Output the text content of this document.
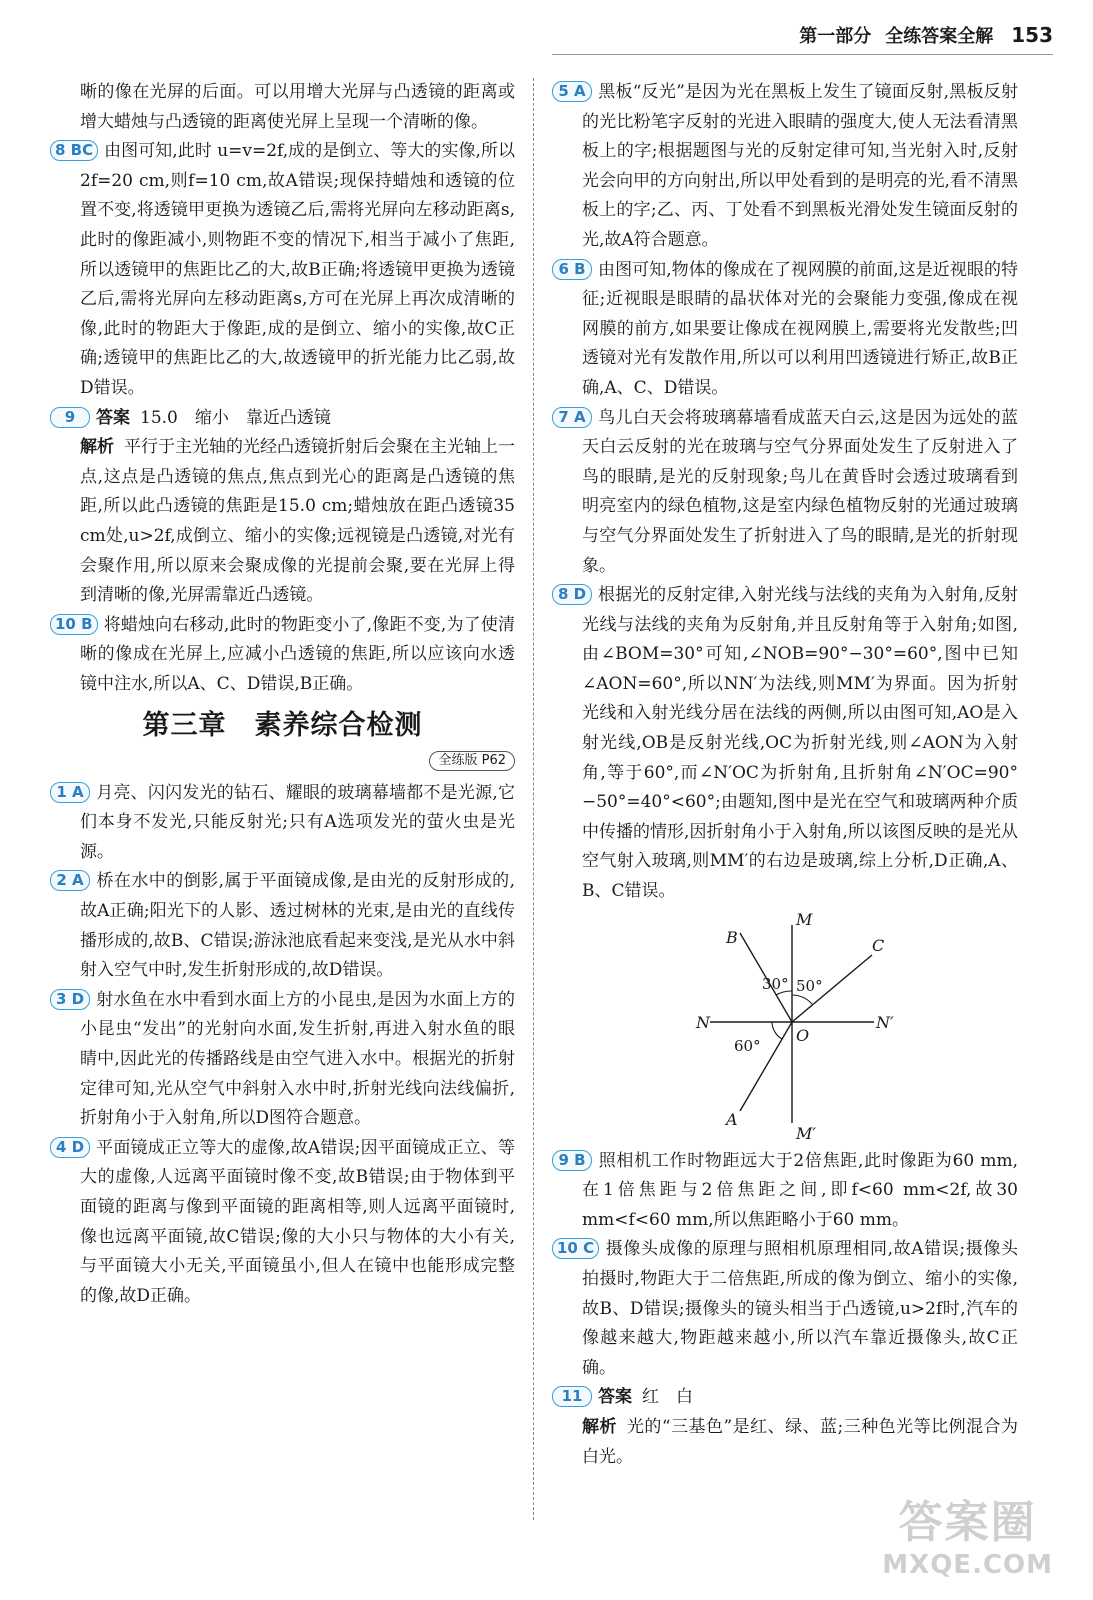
第一部分 全练答案全解 153

晰的像在光屏的后面。可以用增大光屏与凸透镜的距离或增大蜡烛与凸透镜的距离使光屏上呈现一个清晰的像。

8 BC 由图可知,此时 u=v=2f,成的是倒立、等大的实像,所以2f=20 cm,则f=10 cm,故A错误;现保持蜡烛和透镜的位置不变,将透镜甲更换为透镜乙后,需将光屏向左移动距离s,此时的像距减小,则物距不变的情况下,相当于减小了焦距,所以透镜甲的焦距比乙的大,故B正确;将透镜甲更换为透镜乙后,需将光屏向左移动距离s,方可在光屏上再次成清晰的像,此时的物距大于像距,成的是倒立、缩小的实像,故C正确;透镜甲的焦距比乙的大,故透镜甲的折光能力比乙弱,故D错误。

9 答案 15.0　缩小　靠近凸透镜

解析 平行于主光轴的光经凸透镜折射后会聚在主光轴上一点,这点是凸透镜的焦点,焦点到光心的距离是凸透镜的焦距,所以此凸透镜的焦距是15.0 cm;蜡烛放在距凸透镜35 cm处,u>2f,成倒立、缩小的实像;远视镜是凸透镜,对光有会聚作用,所以原来会聚成像的光提前会聚,要在光屏上得到清晰的像,光屏需靠近凸透镜。

10 B 将蜡烛向右移动,此时的物距变小了,像距不变,为了使清晰的像成在光屏上,应减小凸透镜的焦距,所以应该向水透镜中注水,所以A、C、D错误,B正确。

第三章　素养综合检测
全练版 P62

1 A 月亮、闪闪发光的钻石、耀眼的玻璃幕墙都不是光源,它们本身不发光,只能反射光;只有A选项发光的萤火虫是光源。

2 A 桥在水中的倒影,属于平面镜成像,是由光的反射形成的,故A正确;阳光下的人影、透过树林的光束,是由光的直线传播形成的,故B、C错误;游泳池底看起来变浅,是光从水中斜射入空气中时,发生折射形成的,故D错误。

3 D 射水鱼在水中看到水面上方的小昆虫,是因为水面上方的小昆虫“发出”的光射向水面,发生折射,再进入射水鱼的眼睛中,因此光的传播路线是由空气进入水中。根据光的折射定律可知,光从空气中斜射入水中时,折射光线向法线偏折,折射角小于入射角,所以D图符合题意。

4 D 平面镜成正立等大的虚像,故A错误;因平面镜成正立、等大的虚像,人远离平面镜时像不变,故B错误;由于物体到平面镜的距离与像到平面镜的距离相等,则人远离平面镜时,像也远离平面镜,故C错误;像的大小只与物体的大小有关,与平面镜大小无关,平面镜虽小,但人在镜中也能形成完整的像,故D正确。

5 A 黑板“反光”是因为光在黑板上发生了镜面反射,黑板反射的光比粉笔字反射的光进入眼睛的强度大,使人无法看清黑板上的字;根据题图与光的反射定律可知,当光射入时,反射光会向甲的方向射出,所以甲处看到的是明亮的光,看不清黑板上的字;乙、丙、丁处看不到黑板光滑处发生镜面反射的光,故A符合题意。

6 B 由图可知,物体的像成在了视网膜的前面,这是近视眼的特征;近视眼是眼睛的晶状体对光的会聚能力变强,像成在视网膜的前方,如果要让像成在视网膜上,需要将光发散些;凹透镜对光有发散作用,所以可以利用凹透镜进行矫正,故B正确,A、C、D错误。

7 A 鸟儿白天会将玻璃幕墙看成蓝天白云,这是因为远处的蓝天白云反射的光在玻璃与空气分界面处发生了反射进入了鸟的眼睛,是光的反射现象;鸟儿在黄昏时会透过玻璃看到明亮室内的绿色植物,这是室内绿色植物反射的光通过玻璃与空气分界面处发生了折射进入了鸟的眼睛,是光的折射现象。

8 D 根据光的反射定律,入射光线与法线的夹角为入射角,反射光线与法线的夹角为反射角,并且反射角等于入射角;如图,由∠BOM=30°可知,∠NOB=90°−30°=60°,图中已知∠AON=60°,所以NN′为法线,则MM′为界面。因为折射光线和入射光线分居在法线的两侧,所以由图可知,AO是入射光线,OB是反射光线,OC为折射光线,则∠AON为入射角,等于60°,而∠N′OC为折射角,且折射角∠N′OC=90°−50°=40°<60°;由题知,图中是光在空气和玻璃两种介质中传播的情形,因折射角小于入射角,所以该图反映的是光从空气射入玻璃,则MM′的右边是玻璃,综上分析,D正确,A、B、C错误。

M
M′
N	N′
O
A
B	C
30° 50°
60°

9 B 照相机工作时物距远大于2倍焦距,此时像距为60 mm,在1倍焦距与2倍焦距之间,即f<60 mm<2f,故30 mm<f<60 mm,所以焦距略小于60 mm。

10 C 摄像头成像的原理与照相机原理相同,故A错误;摄像头拍摄时,物距大于二倍焦距,所成的像为倒立、缩小的实像,故B、D错误;摄像头的镜头相当于凸透镜,u>2f时,汽车的像越来越大,物距越来越小,所以汽车靠近摄像头,故C正确。

11 答案 红　白

解析 光的“三基色”是红、绿、蓝;三种色光等比例混合为白光。

答案圈
MXQE.COM
